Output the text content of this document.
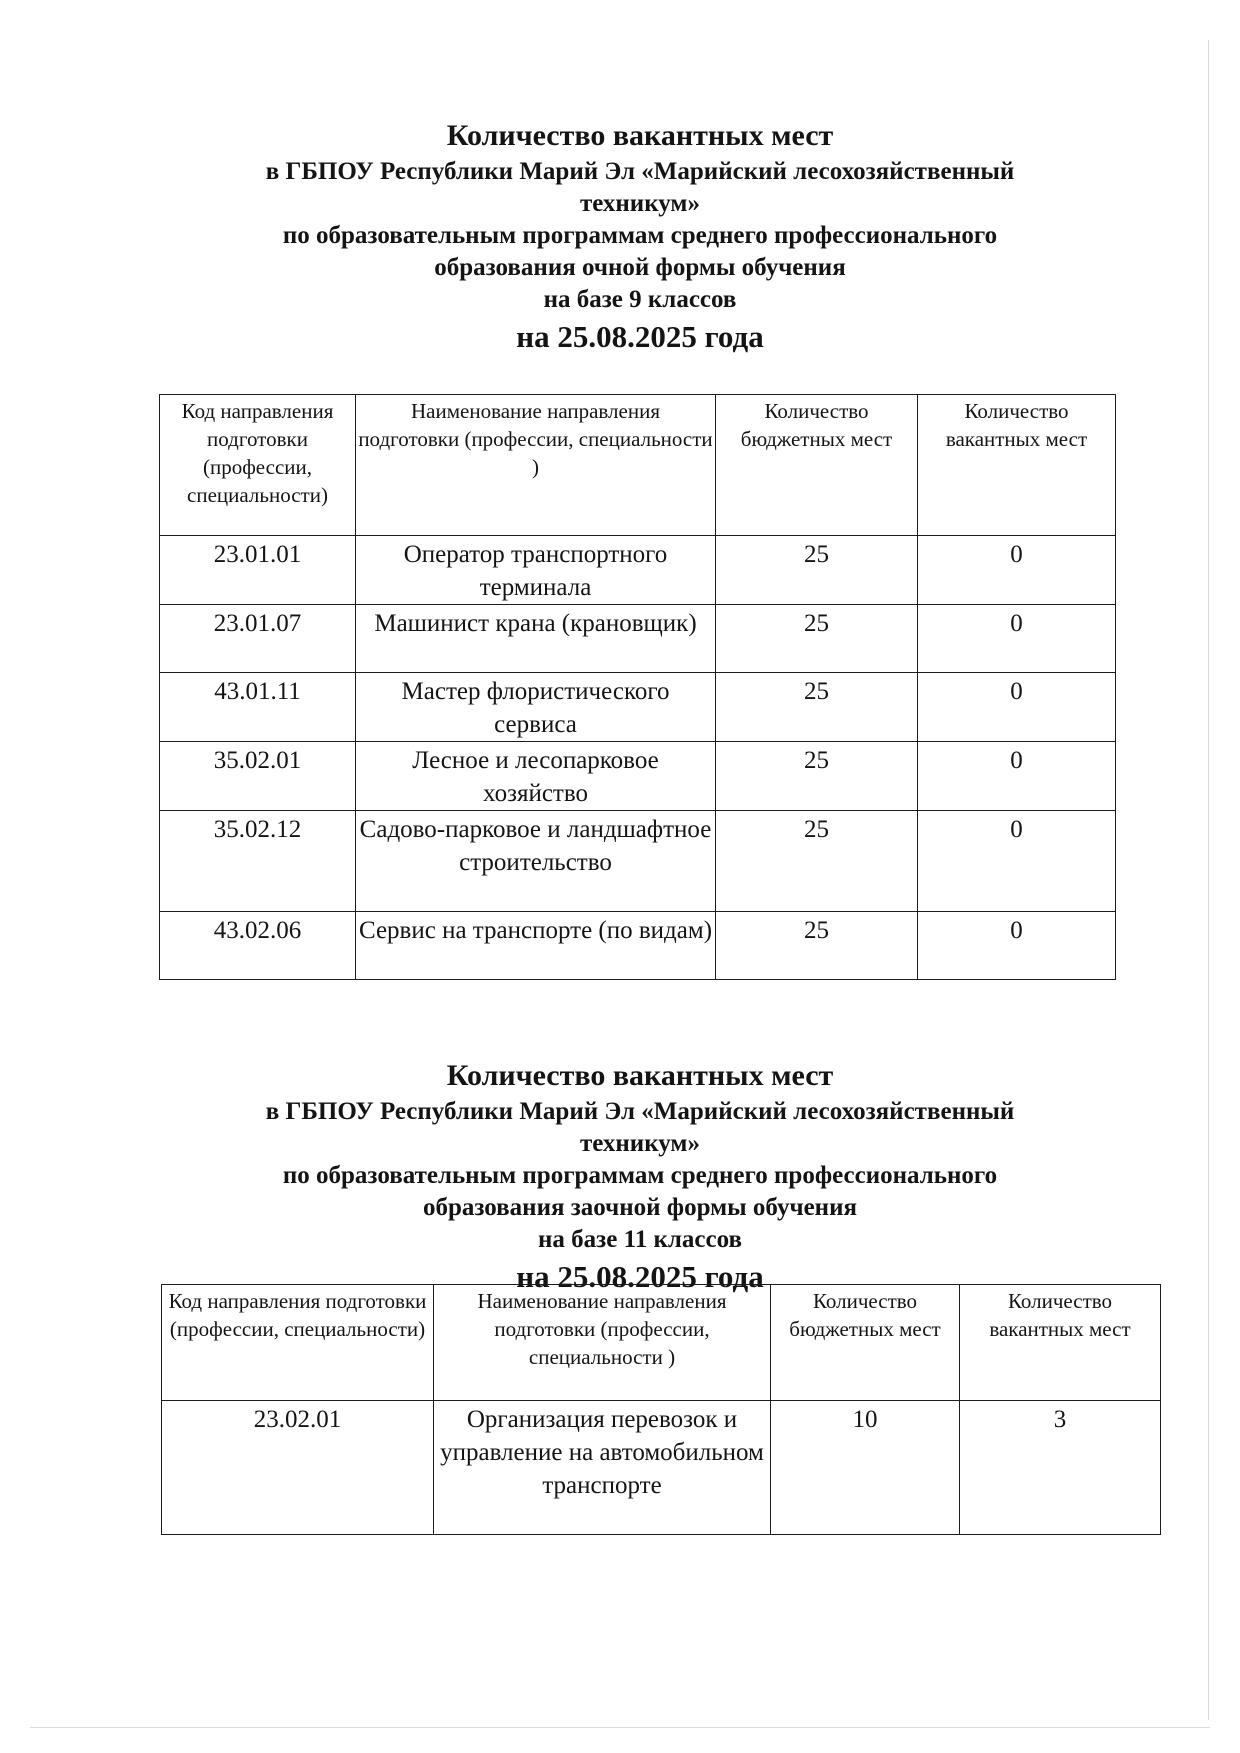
Количество вакантных мест
в ГБПОУ Республики Марий Эл «Марийский лесохозяйственный
техникум»
по образовательным программам среднего профессионального
образования очной формы обучения
на базе 9 классов
на 25.08.2025 года
Код направления подготовки (профессии, специальности)	Наименование направления подготовки (профессии, специальности )	Количество бюджетных мест	Количество вакантных мест
23.01.01	Оператор транспортного терминала	25	0
23.01.07	Машинист крана (крановщик)	25	0
43.01.11	Мастер флористического сервиса	25	0
35.02.01	Лесное и лесопарковое хозяйство	25	0
35.02.12	Садово-парковое и ландшафтное строительство	25	0
43.02.06	Сервис на транспорте (по видам)	25	0
Количество вакантных мест
в ГБПОУ Республики Марий Эл «Марийский лесохозяйственный
техникум»
по образовательным программам среднего профессионального
образования заочной формы обучения
на базе 11 классов
на 25.08.2025 года
Код направления подготовки (профессии, специальности)	Наименование направления подготовки (профессии, специальности )	Количество бюджетных мест	Количество вакантных мест
23.02.01	Организация перевозок и управление на автомобильном транспорте	10	3
